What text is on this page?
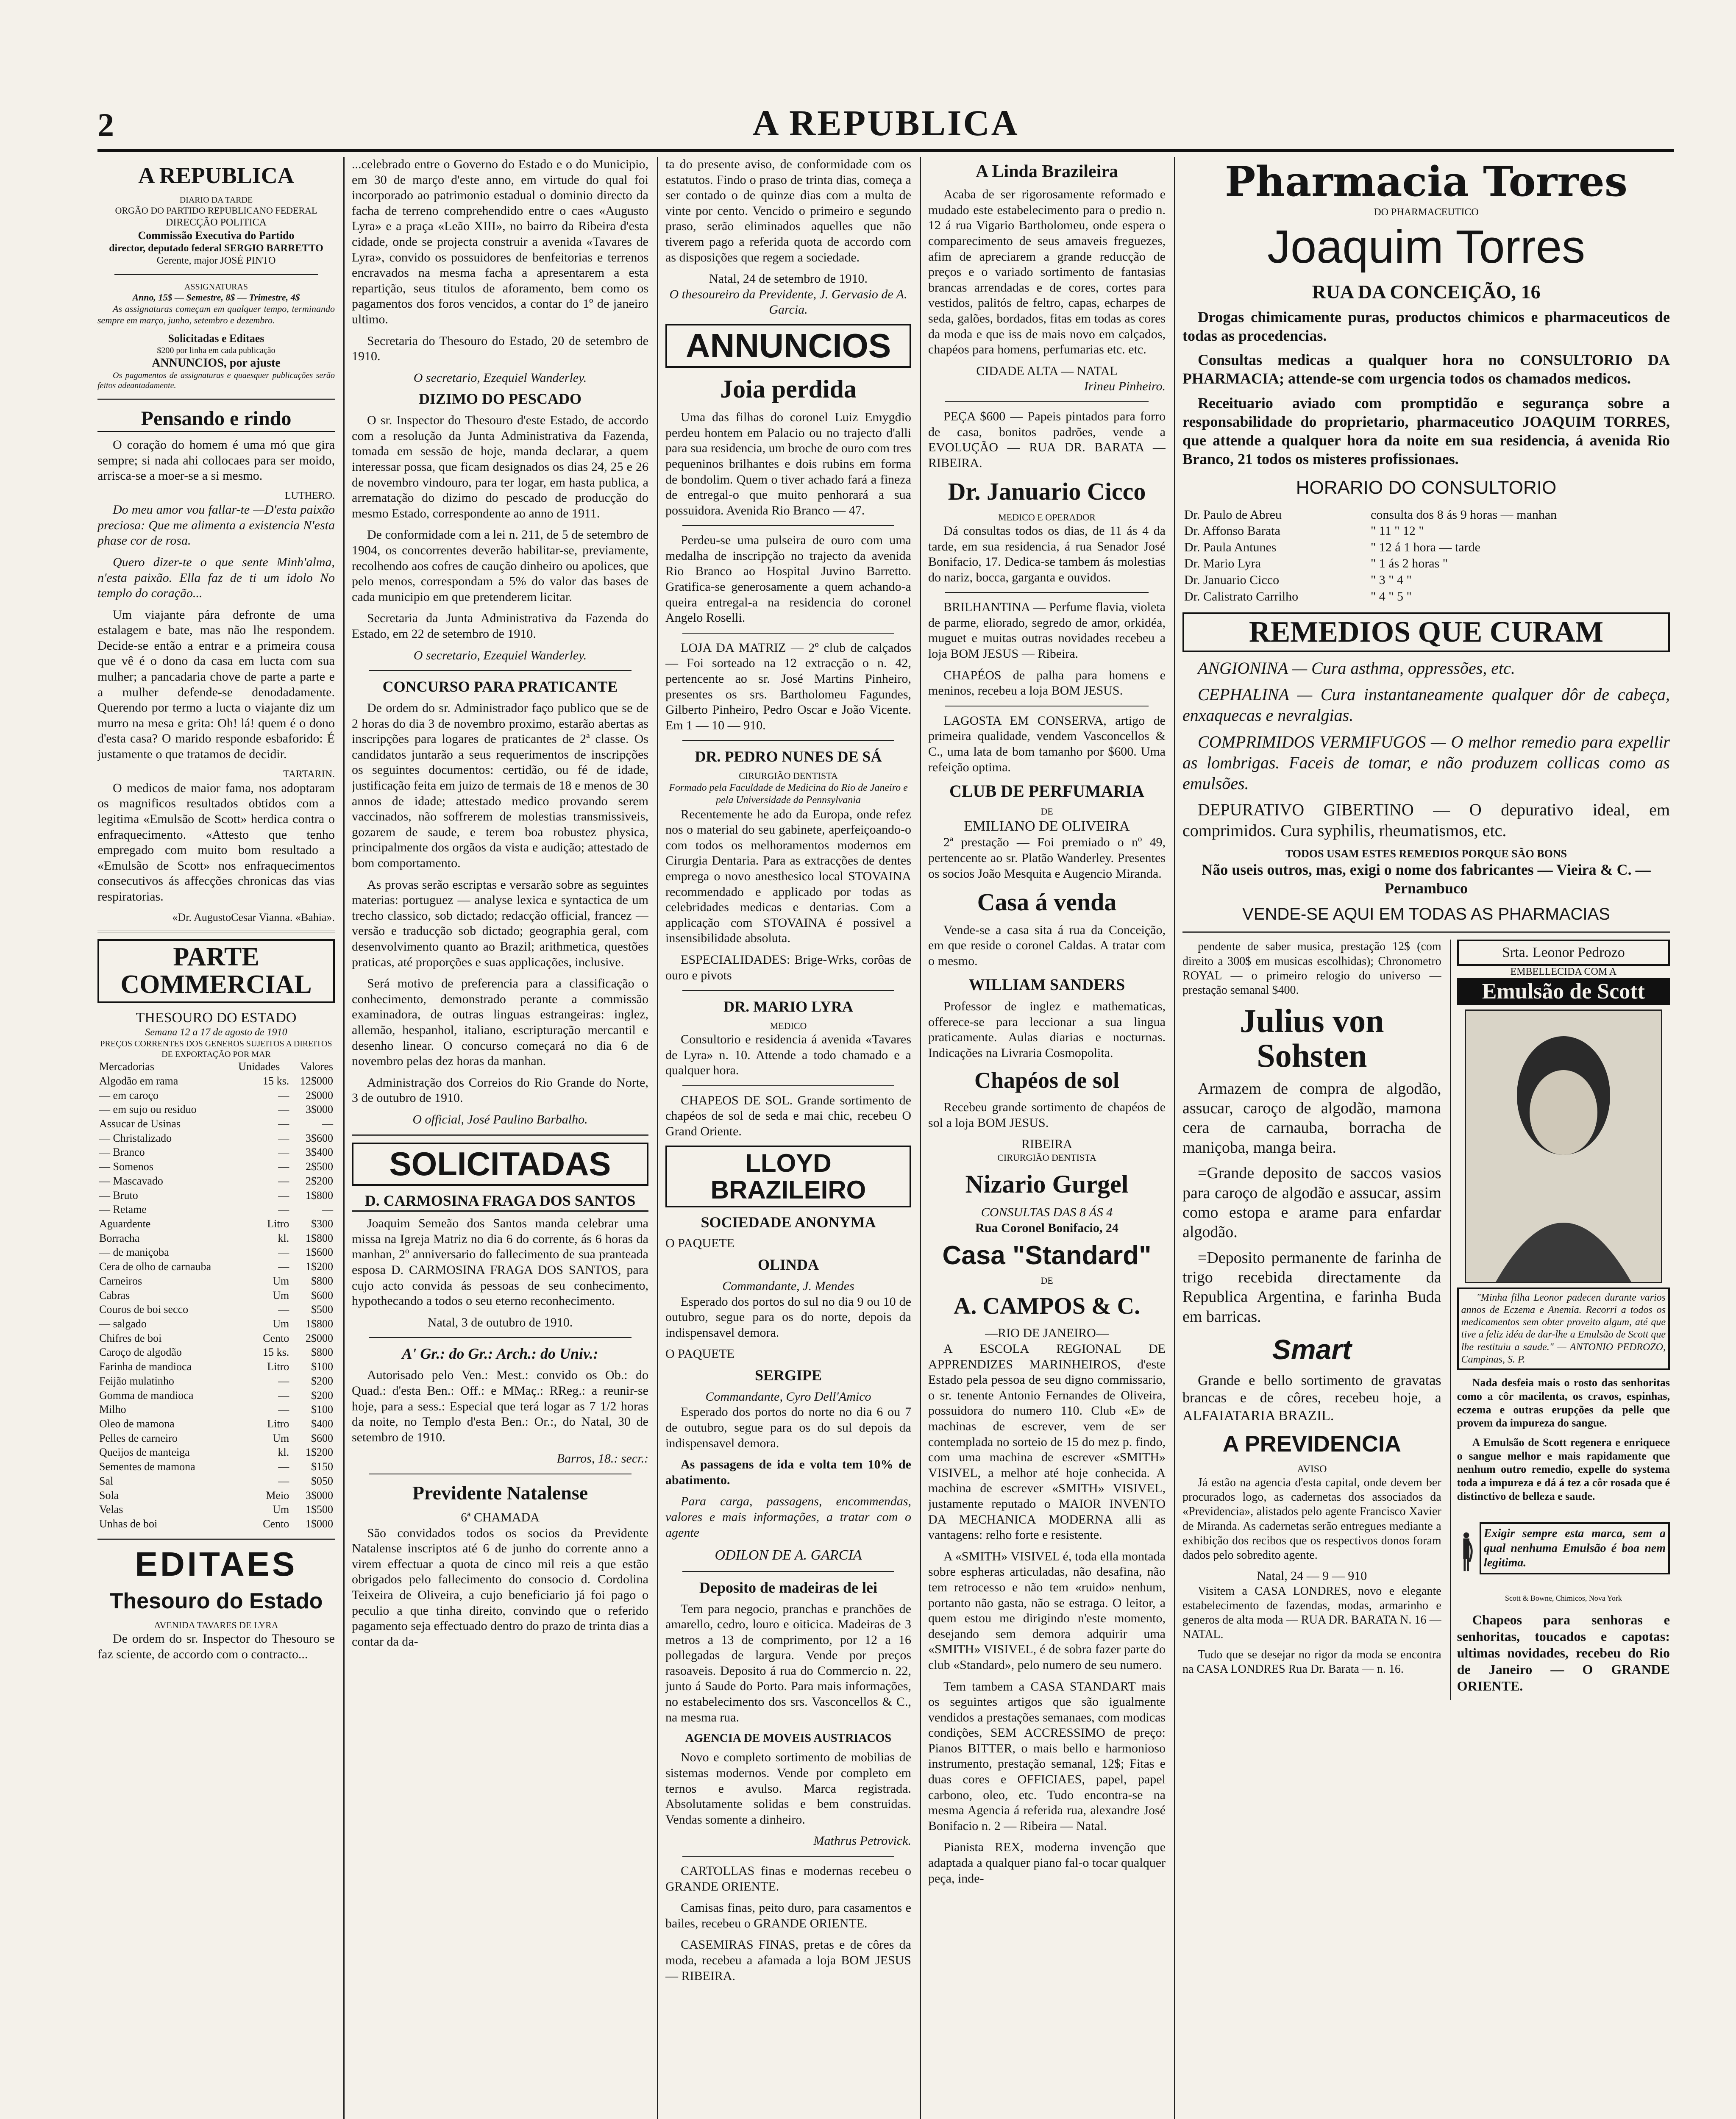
2	A REPUBLICA
A REPUBLICA
DIARIO DA TARDE
ORGÃO DO PARTIDO REPUBLICANO FEDERAL
DIRECÇÃO POLITICA
Commissão Executiva do Partido
director, deputado federal SERGIO BARRETTO
Gerente, major JOSÉ PINTO
ASSIGNATURAS
Anno, 15$ — Semestre, 8$ — Trimestre, 4$

As assignaturas começam em qualquer tempo, terminando sempre em março, junho, setembro e dezembro.

Solicitadas e Editaes
$200 por linha em cada publicação
ANNUNCIOS, por ajuste

Os pagamentos de assignaturas e quaesquer publicações serão feitos adeantadamente.

Pensando e rindo

O coração do homem é uma mó que gira sempre; si nada ahi collocaes para ser moido, arrisca-se a moer-se a si mesmo.

LUTHERO.

Do meu amor vou fallar-te —D'esta paixão preciosa: Que me alimenta a existencia N'esta phase cor de rosa.

Quero dizer-te o que sente Minh'alma, n'esta paixão. Ella faz de ti um idolo No templo do coração...

Um viajante pára defronte de uma estalagem e bate, mas não lhe respondem. Decide-se então a entrar e a primeira cousa que vê é o dono da casa em lucta com sua mulher; a pancadaria chove de parte a parte e a mulher defende-se denodadamente. Querendo por termo a lucta o viajante diz um murro na mesa e grita: Oh! lá! quem é o dono d'esta casa? O marido responde esbaforido: É justamente o que tratamos de decidir.

TARTARIN.

O medicos de maior fama, nos adoptaram os magnificos resultados obtidos com a legitima «Emulsão de Scott» herdica contra o enfraquecimento. «Attesto que tenho empregado com muito bom resultado a «Emulsão de Scott» nos enfraquecimentos consecutivos ás affecções chronicas das vias respiratorias.

«Dr. AugustoCesar Vianna. «Bahia».
PARTE COMMERCIAL
THESOURO DO ESTADO
Semana 12 a 17 de agosto de 1910
PREÇOS CORRENTES DOS GENEROS SUJEITOS A DIREITOS DE EXPORTAÇÃO POR MAR
Mercadorias	Unidades	Valores
Algodão em rama	15 ks.	12$000
— em caroço	—	2$000
— em sujo ou residuo	—	3$000
Assucar de Usinas	—	—
— Christalizado	—	3$600
— Branco	—	3$400
— Somenos	—	2$500
— Mascavado	—	2$200
— Bruto	—	1$800
— Retame	—	—
Aguardente	Litro	$300
Borracha	kl.	1$800
— de maniçoba	—	1$600
Cera de olho de carnauba	—	1$200
Carneiros	Um	$800
Cabras	Um	$600
Couros de boi secco	—	$500
— salgado	Um	1$800
Chifres de boi	Cento	2$000
Caroço de algodão	15 ks.	$800
Farinha de mandioca	Litro	$100
Feijão mulatinho	—	$200
Gomma de mandioca	—	$200
Milho	—	$100
Oleo de mamona	Litro	$400
Pelles de carneiro	Um	$600
Queijos de manteiga	kl.	1$200
Sementes de mamona	—	$150
Sal	—	$050
Sola	Meio	3$000
Velas	Um	1$500
Unhas de boi	Cento	1$000
EDITAES
Thesouro do Estado
AVENIDA TAVARES DE LYRA

De ordem do sr. Inspector do Thesouro se faz sciente, de accordo com o contracto...

...celebrado entre o Governo do Estado e o do Municipio, em 30 de março d'este anno, em virtude do qual foi incorporado ao patrimonio estadual o dominio directo da facha de terreno comprehendido entre o caes «Augusto Lyra» e a praça «Leão XIII», no bairro da Ribeira d'esta cidade, onde se projecta construir a avenida «Tavares de Lyra», convido os possuidores de benfeitorias e terrenos encravados na mesma facha a apresentarem a esta repartição, seus titulos de aforamento, bem como os pagamentos dos foros vencidos, a contar do 1º de janeiro ultimo.

Secretaria do Thesouro do Estado, 20 de setembro de 1910.

O secretario, Ezequiel Wanderley.
DIZIMO DO PESCADO

O sr. Inspector do Thesouro d'este Estado, de accordo com a resolução da Junta Administrativa da Fazenda, tomada em sessão de hoje, manda declarar, a quem interessar possa, que ficam designados os dias 24, 25 e 26 de novembro vindouro, para ter logar, em hasta publica, a arrematação do dizimo do pescado de producção do mesmo Estado, correspondente ao anno de 1911.

De conformidade com a lei n. 211, de 5 de setembro de 1904, os concorrentes deverão habilitar-se, previamente, recolhendo aos cofres de caução dinheiro ou apolices, que pelo menos, correspondam a 5% do valor das bases de cada municipio em que pretenderem licitar.

Secretaria da Junta Administrativa da Fazenda do Estado, em 22 de setembro de 1910.

O secretario, Ezequiel Wanderley.
CONCURSO PARA PRATICANTE

De ordem do sr. Administrador faço publico que se de 2 horas do dia 3 de novembro proximo, estarão abertas as inscripções para logares de praticantes de 2ª classe. Os candidatos juntarão a seus requerimentos de inscripções os seguintes documentos: certidão, ou fé de idade, justificação feita em juizo de termais de 18 e menos de 30 annos de idade; attestado medico provando serem vaccinados, não soffrerem de molestias transmissiveis, gozarem de saude, e terem boa robustez physica, principalmente dos orgãos da vista e audição; attestado de bom comportamento.

As provas serão escriptas e versarão sobre as seguintes materias: portuguez — analyse lexica e syntactica de um trecho classico, sob dictado; redacção official, francez — versão e traducção sob dictado; geographia geral, com desenvolvimento quanto ao Brazil; arithmetica, questões praticas, até proporções e suas applicações, inclusive.

Será motivo de preferencia para a classificação o conhecimento, demonstrado perante a commissão examinadora, de outras linguas estrangeiras: inglez, allemão, hespanhol, italiano, escripturação mercantil e desenho linear. O concurso começará no dia 6 de novembro pelas dez horas da manhan.

Administração dos Correios do Rio Grande do Norte, 3 de outubro de 1910.

O official, José Paulino Barbalho.
SOLICITADAS
D. CARMOSINA FRAGA DOS SANTOS

Joaquim Semeão dos Santos manda celebrar uma missa na Igreja Matriz no dia 6 do corrente, ás 6 horas da manhan, 2º anniversario do fallecimento de sua pranteada esposa D. CARMOSINA FRAGA DOS SANTOS, para cujo acto convida ás pessoas de seu conhecimento, hypothecando a todos o seu eterno reconhecimento.

Natal, 3 de outubro de 1910.
A' Gr.: do Gr.: Arch.: do Univ.:

Autorisado pelo Ven.: Mest.: convido os Ob.: do Quad.: d'esta Ben.: Off.: e MMaç.: RReg.: a reunir-se hoje, para a sess.: Especial que terá logar as 7 1/2 horas da noite, no Templo d'esta Ben.: Or.:, do Natal, 30 de setembro de 1910.

Barros, 18.: secr.:
Previdente Natalense
6ª CHAMADA

São convidados todos os socios da Previdente Natalense inscriptos até 6 de junho do corrente anno a virem effectuar a quota de cinco mil reis a que estão obrigados pelo fallecimento do consocio d. Cordolina Teixeira de Oliveira, a cujo beneficiario já foi pago o peculio a que tinha direito, convindo que o referido pagamento seja effectuado dentro do prazo de trinta dias a contar da da-

ta do presente aviso, de conformidade com os estatutos. Findo o praso de trinta dias, começa a ser contado o de quinze dias com a multa de vinte por cento. Vencido o primeiro e segundo praso, serão eliminados aquelles que não tiverem pago a referida quota de accordo com as disposições que regem a sociedade.

Natal, 24 de setembro de 1910.
O thesoureiro da Previdente, J. Gervasio de A. Garcia.
ANNUNCIOS
Joia perdida

Uma das filhas do coronel Luiz Emygdio perdeu hontem em Palacio ou no trajecto d'alli para sua residencia, um broche de ouro com tres pequeninos brilhantes e dois rubins em forma de bondolim. Quem o tiver achado fará a fineza de entregal-o que muito penhorará a sua possuidora. Avenida Rio Branco — 47.

Perdeu-se uma pulseira de ouro com uma medalha de inscripção no trajecto da avenida Rio Branco ao Hospital Juvino Barretto. Gratifica-se generosamente a quem achando-a queira entregal-a na residencia do coronel Angelo Roselli.

LOJA DA MATRIZ — 2º club de calçados — Foi sorteado na 12 extracção o n. 42, pertencente ao sr. José Martins Pinheiro, presentes os srs. Bartholomeu Fagundes, Gilberto Pinheiro, Pedro Oscar e João Vicente. Em 1 — 10 — 910.

DR. PEDRO NUNES DE SÁ
CIRURGIÃO DENTISTA
Formado pela Faculdade de Medicina do Rio de Janeiro e pela Universidade da Pennsylvania

Recentemente he ado da Europa, onde refez nos o material do seu gabinete, aperfeiçoando-o com todos os melhoramentos modernos em Cirurgia Dentaria. Para as extracções de dentes emprega o novo anesthesico local STOVAINA recommendado e applicado por todas as celebridades medicas e dentarias. Com a applicação com STOVAINA é possivel a insensibilidade absoluta.

ESPECIALIDADES: Brige-Wrks, corôas de ouro e pivots

DR. MARIO LYRA
MEDICO

Consultorio e residencia á avenida «Tavares de Lyra» n. 10. Attende a todo chamado e a qualquer hora.

CHAPEOS DE SOL. Grande sortimento de chapéos de sol de seda e mai chic, recebeu O Grand Oriente.

LLOYD BRAZILEIRO
SOCIEDADE ANONYMA
O PAQUETE
OLINDA
Commandante, J. Mendes

Esperado dos portos do sul no dia 9 ou 10 de outubro, segue para os do norte, depois da indispensavel demora.

O PAQUETE
SERGIPE
Commandante, Cyro Dell'Amico

Esperado dos portos do norte no dia 6 ou 7 de outubro, segue para os do sul depois da indispensavel demora.

As passagens de ida e volta tem 10% de abatimento.

Para carga, passagens, encommendas, valores e mais informações, a tratar com o agente

ODILON DE A. GARCIA
Deposito de madeiras de lei

Tem para negocio, pranchas e pranchões de amarello, cedro, louro e oiticica. Madeiras de 3 metros a 13 de comprimento, por 12 a 16 pollegadas de largura. Vende por preços rasoaveis. Deposito á rua do Commercio n. 22, junto á Saude do Porto. Para mais informações, no estabelecimento dos srs. Vasconcellos & C., na mesma rua.

AGENCIA DE MOVEIS AUSTRIACOS

Novo e completo sortimento de mobilias de sistemas modernos. Vende por completo em ternos e avulso. Marca registrada. Absolutamente solidas e bem construidas. Vendas somente a dinheiro.

Mathrus Petrovick.

CARTOLLAS finas e modernas recebeu o GRANDE ORIENTE.

Camisas finas, peito duro, para casamentos e bailes, recebeu o GRANDE ORIENTE.

CASEMIRAS FINAS, pretas e de côres da moda, recebeu a afamada a loja BOM JESUS — RIBEIRA.

A Linda Brazileira

Acaba de ser rigorosamente reformado e mudado este estabelecimento para o predio n. 12 á rua Vigario Bartholomeu, onde espera o comparecimento de seus amaveis freguezes, afim de apreciarem a grande reducção de preços e o variado sortimento de fantasias brancas arrendadas e de cores, cortes para vestidos, palitós de feltro, capas, echarpes de seda, galões, bordados, fitas em todas as cores da moda e que iss de mais novo em calçados, chapéos para homens, perfumarias etc. etc.

CIDADE ALTA — NATAL
Irineu Pinheiro.

PEÇA $600 — Papeis pintados para forro de casa, bonitos padrões, vende a EVOLUÇÃO — RUA DR. BARATA — RIBEIRA.

Dr. Januario Cicco
MEDICO E OPERADOR

Dá consultas todos os dias, de 11 ás 4 da tarde, em sua residencia, á rua Senador José Bonifacio, 17. Dedica-se tambem ás molestias do nariz, bocca, garganta e ouvidos.

BRILHANTINA — Perfume flavia, violeta de parme, eliorado, segredo de amor, orkidéa, muguet e muitas outras novidades recebeu a loja BOM JESUS — Ribeira.

CHAPÉOS de palha para homens e meninos, recebeu a loja BOM JESUS.

LAGOSTA EM CONSERVA, artigo de primeira qualidade, vendem Vasconcellos & C., uma lata de bom tamanho por $600. Uma refeição optima.

CLUB DE PERFUMARIA
DE
EMILIANO DE OLIVEIRA

2ª prestação — Foi premiado o nº 49, pertencente ao sr. Platão Wanderley. Presentes os socios João Mesquita e Augencio Miranda.

Casa á venda

Vende-se a casa sita á rua da Conceição, em que reside o coronel Caldas. A tratar com o mesmo.

WILLIAM SANDERS

Professor de inglez e mathematicas, offerece-se para leccionar a sua lingua praticamente. Aulas diarias e nocturnas. Indicações na Livraria Cosmopolita.

Chapéos de sol

Recebeu grande sortimento de chapéos de sol a loja BOM JESUS.

RIBEIRA
CIRURGIÃO DENTISTA
Nizario Gurgel
CONSULTAS DAS 8 ÁS 4
Rua Coronel Bonifacio, 24
Casa "Standard"
DE
A. CAMPOS & C.
—RIO DE JANEIRO—

A ESCOLA REGIONAL DE APPRENDIZES MARINHEIROS, d'este Estado pela pessoa de seu digno commissario, o sr. tenente Antonio Fernandes de Oliveira, possuidora do numero 110. Club «E» de machinas de escrever, vem de ser contemplada no sorteio de 15 do mez p. findo, com uma machina de escrever «SMITH» VISIVEL, a melhor até hoje conhecida. A machina de escrever «SMITH» VISIVEL, justamente reputado o MAIOR INVENTO DA MECHANICA MODERNA alli as vantagens: relho forte e resistente.

A «SMITH» VISIVEL é, toda ella montada sobre espheras articuladas, não desafina, não tem retrocesso e não tem «ruido» nenhum, portanto não gasta, não se estraga. O leitor, a quem estou me dirigindo n'este momento, desejando sem demora adquirir uma «SMITH» VISIVEL, é de sobra fazer parte do club «Standard», pelo numero de seu numero.

Tem tambem a CASA STANDART mais os seguintes artigos que são igualmente vendidos a prestações semanaes, com modicas condições, SEM ACCRESSIMO de preço: Pianos BITTER, o mais bello e harmonioso instrumento, prestação semanal, 12$; Fitas e duas cores e OFFICIAES, papel, papel carbono, oleo, etc. Tudo encontra-se na mesma Agencia á referida rua, alexandre José Bonifacio n. 2 — Ribeira — Natal.

Pianista REX, moderna invenção que adaptada a qualquer piano fal-o tocar qualquer peça, inde-

Pharmacia Torres
DO PHARMACEUTICO
Joaquim Torres
RUA DA CONCEIÇÃO, 16

Drogas chimicamente puras, productos chimicos e pharmaceuticos de todas as procedencias.

Consultas medicas a qualquer hora no CONSULTORIO DA PHARMACIA; attende-se com urgencia todos os chamados medicos.

Receituario aviado com promptidão e segurança sobre a responsabilidade do proprietario, pharmaceutico JOAQUIM TORRES, que attende a qualquer hora da noite em sua residencia, á avenida Rio Branco, 21 todos os misteres profissionaes.

HORARIO DO CONSULTORIO
Dr. Paulo de Abreu	consulta dos 8 ás 9 horas — manhan
Dr. Affonso Barata	" 11 " 12 "
Dr. Paula Antunes	" 12 á 1 hora — tarde
Dr. Mario Lyra	" 1 ás 2 horas "
Dr. Januario Cicco	" 3 " 4 "
Dr. Calistrato Carrilho	" 4 " 5 "
REMEDIOS QUE CURAM

ANGIONINA — Cura asthma, oppressões, etc.

CEPHALINA — Cura instantaneamente qualquer dôr de cabeça, enxaquecas e nevralgias.

COMPRIMIDOS VERMIFUGOS — O melhor remedio para expellir as lombrigas. Faceis de tomar, e não produzem collicas como as emulsões.

DEPURATIVO GIBERTINO — O depurativo ideal, em comprimidos. Cura syphilis, rheumatismos, etc.

TODOS USAM ESTES REMEDIOS PORQUE SÃO BONS
Não useis outros, mas, exigi o nome dos fabricantes — Vieira & C. — Pernambuco
VENDE-SE AQUI EM TODAS AS PHARMACIAS

pendente de saber musica, prestação 12$ (com direito a 300$ em musicas escolhidas); Chronometro ROYAL — o primeiro relogio do universo — prestação semanal $400.

Julius von Sohsten

Armazem de compra de algodão, assucar, caroço de algodão, mamona cera de carnauba, borracha de maniçoba, manga beira.

=Grande deposito de saccos vasios para caroço de algodão e assucar, assim como estopa e arame para enfardar algodão.

=Deposito permanente de farinha de trigo recebida directamente da Republica Argentina, e farinha Buda em barricas.

Smart

Grande e bello sortimento de gravatas brancas e de côres, recebeu hoje, a ALFAIATARIA BRAZIL.

A PREVIDENCIA
AVISO

Já estão na agencia d'esta capital, onde devem ber procurados logo, as cadernetas dos associados da «Previdencia», alistados pelo agente Francisco Xavier de Miranda. As cadernetas serão entregues mediante a exhibição dos recibos que os respectivos donos foram dados pelo sobredito agente.

Natal, 24 — 9 — 910

Visitem a CASA LONDRES, novo e elegante estabelecimento de fazendas, modas, armarinho e generos de alta moda — RUA DR. BARATA N. 16 — NATAL.

Tudo que se desejar no rigor da moda se encontra na CASA LONDRES Rua Dr. Barata — n. 16.

Srta. Leonor Pedrozo
EMBELLECIDA COM A
Emulsão de Scott

"Minha filha Leonor padecen durante varios annos de Eczema e Anemia. Recorri a todos os medicamentos sem obter proveito algum, até que tive a feliz idéa de dar-lhe a Emulsão de Scott que lhe restituiu a saude." — ANTONIO PEDROZO, Campinas, S. P.

Nada desfeia mais o rosto das senhoritas como a côr macilenta, os cravos, espinhas, eczema e outras erupções da pelle que provem da impureza do sangue.

A Emulsão de Scott regenera e enriquece o sangue melhor e mais rapidamente que nenhum outro remedio, expelle do systema toda a impureza e dá á tez a côr rosada que é distinctivo de belleza e saude.

Exigir sempre esta marca, sem a qual nenhuma Emulsão é boa nem legitima.

Scott & Bowne, Chimicos, Nova York

Chapeos para senhoras e senhoritas, toucados e capotas: ultimas novidades, recebeu do Rio de Janeiro — O GRANDE ORIENTE.
